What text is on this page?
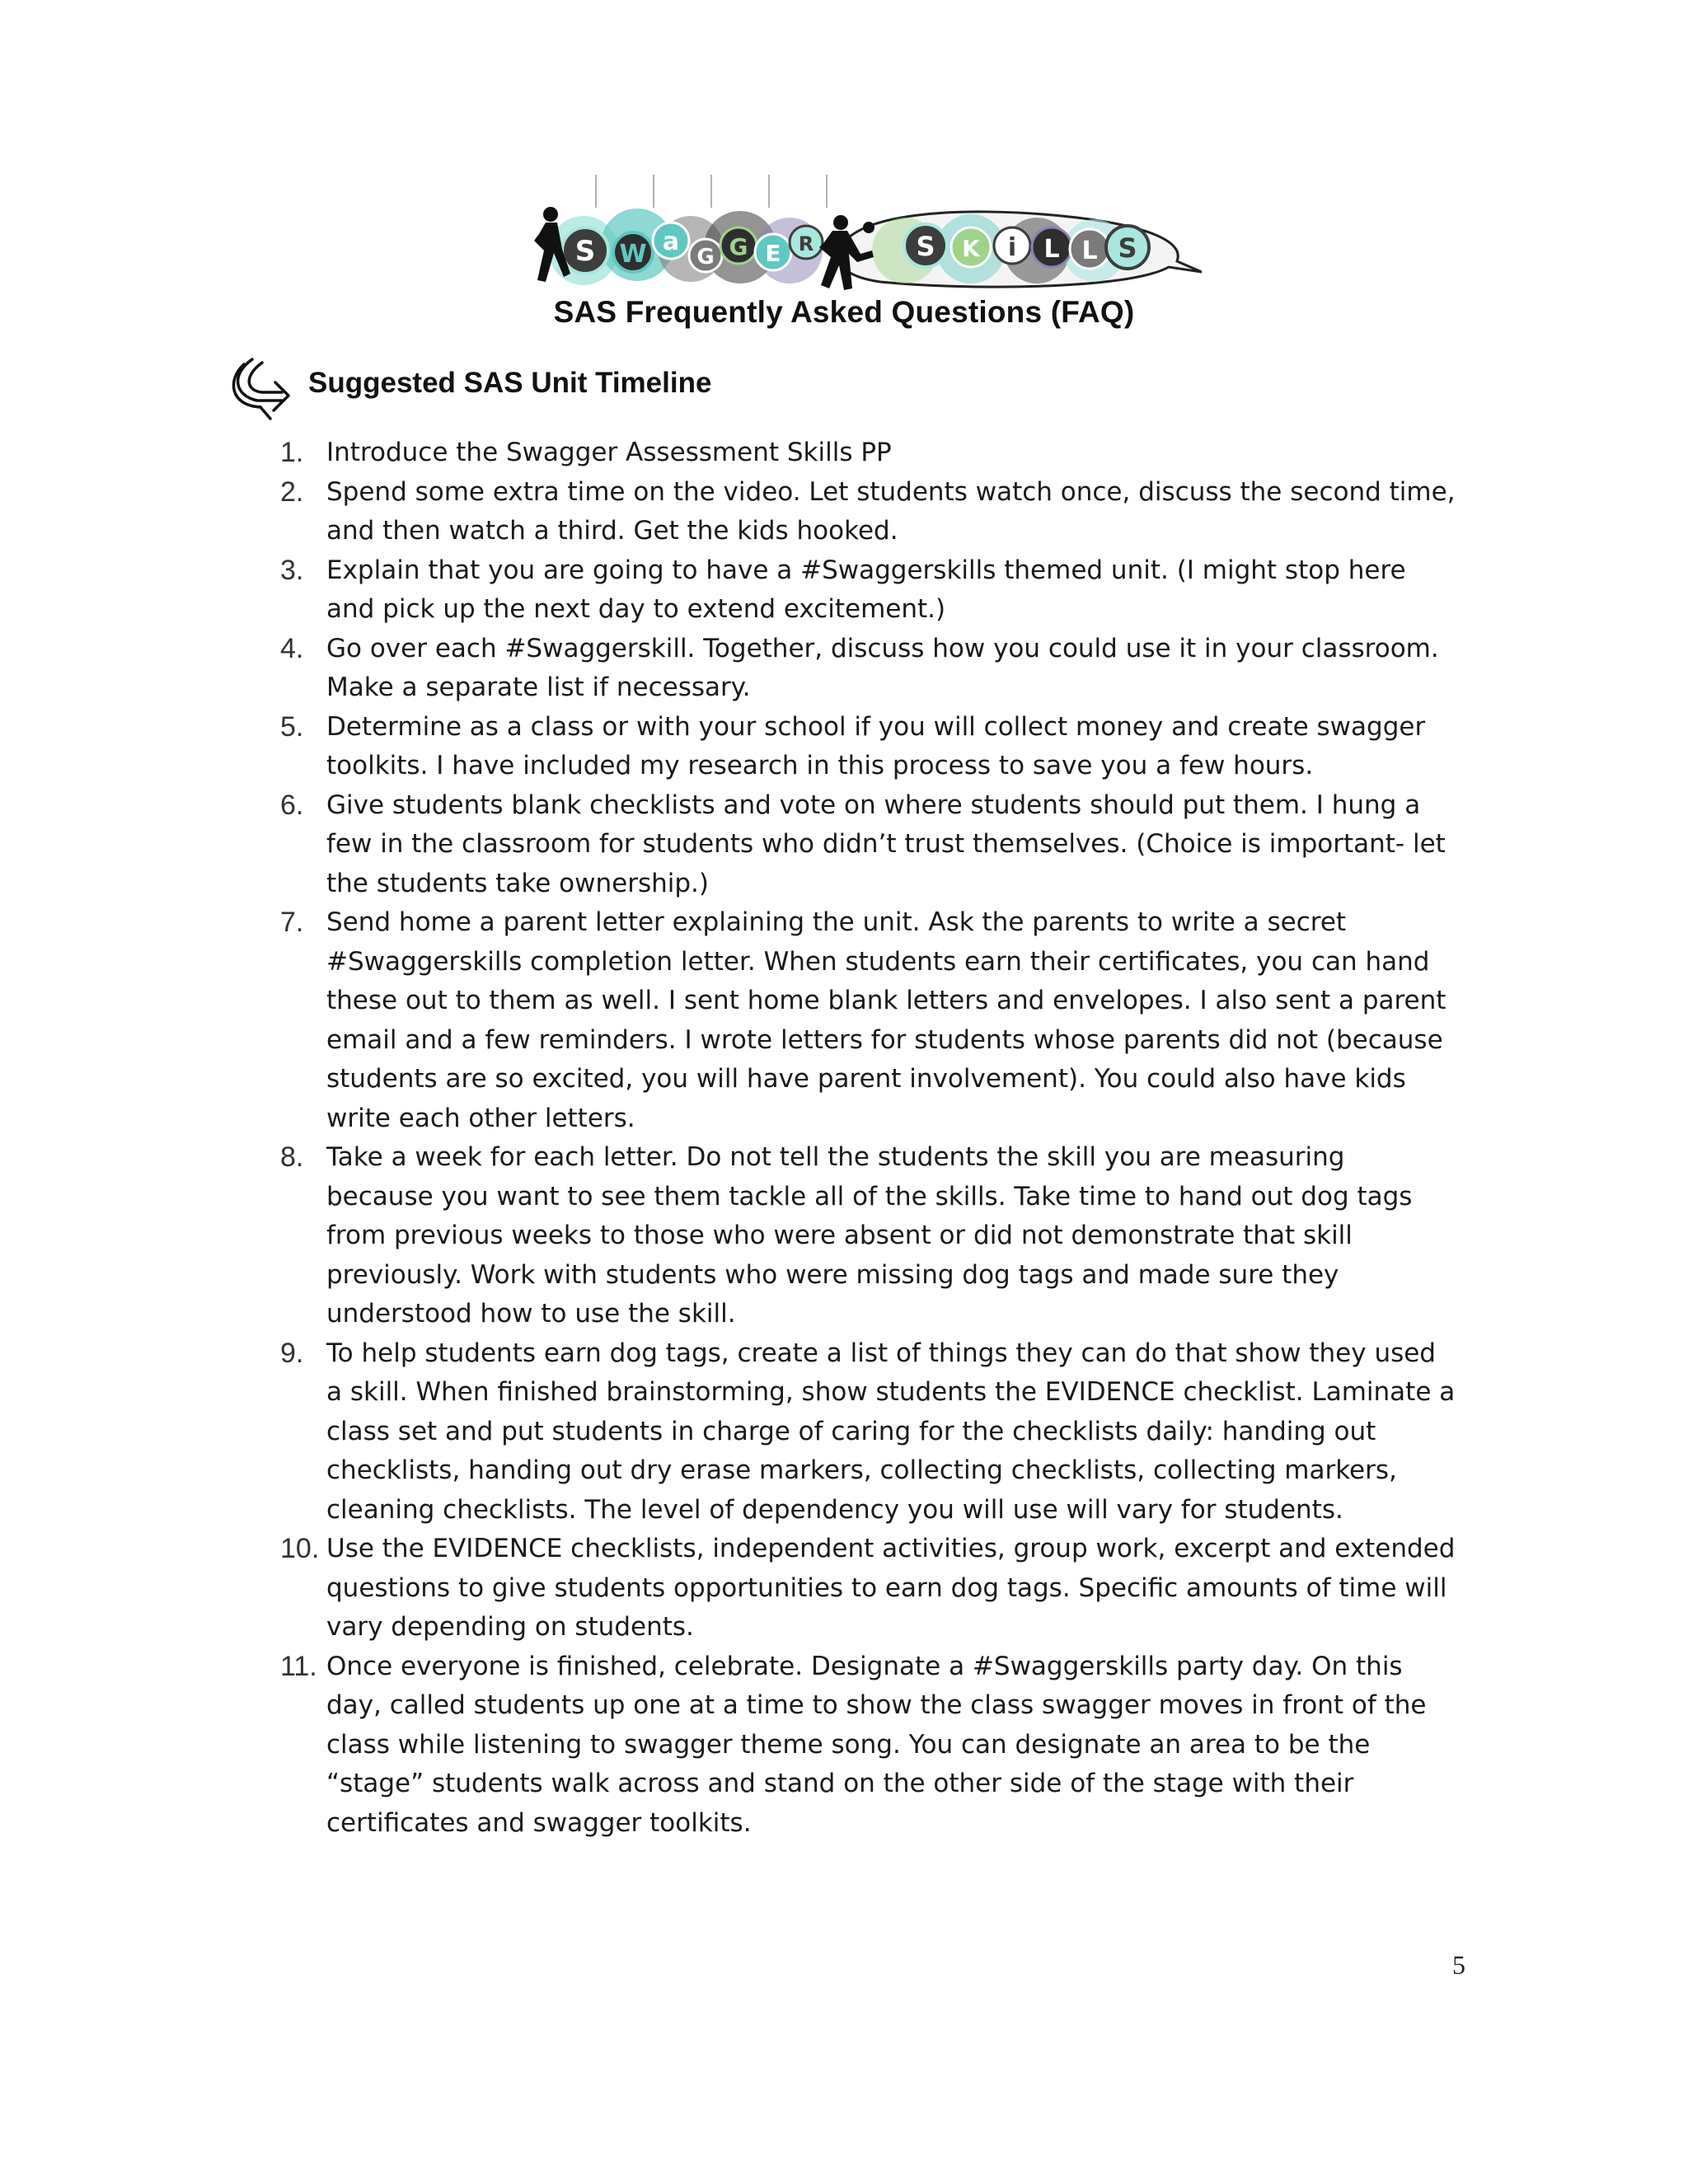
S W a
G G E R	S K i L L S
SAS Frequently Asked Questions (FAQ)
Suggested SAS Unit Timeline
1. Introduce the Swagger Assessment Skills PP
2. Spend some extra time on the video. Let students watch once, discuss the second time, and then watch a third. Get the kids hooked.
3. Explain that you are going to have a #Swaggerskills themed unit. (I might stop here and pick up the next day to extend excitement.)
4. Go over each #Swaggerskill. Together, discuss how you could use it in your classroom. Make a separate list if necessary.
5. Determine as a class or with your school if you will collect money and create swagger toolkits. I have included my research in this process to save you a few hours.
6. Give students blank checklists and vote on where students should put them. I hung a few in the classroom for students who didn’t trust themselves. (Choice is important- let the students take ownership.)
7. Send home a parent letter explaining the unit. Ask the parents to write a secret #Swaggerskills completion letter. When students earn their certificates, you can hand these out to them as well. I sent home blank letters and envelopes. I also sent a parent email and a few reminders. I wrote letters for students whose parents did not (because students are so excited, you will have parent involvement). You could also have kids write each other letters.
8. Take a week for each letter. Do not tell the students the skill you are measuring because you want to see them tackle all of the skills. Take time to hand out dog tags from previous weeks to those who were absent or did not demonstrate that skill previously. Work with students who were missing dog tags and made sure they understood how to use the skill.
9. To help students earn dog tags, create a list of things they can do that show they used a skill. When finished brainstorming, show students the EVIDENCE checklist. Laminate a class set and put students in charge of caring for the checklists daily: handing out checklists, handing out dry erase markers, collecting checklists, collecting markers, cleaning checklists. The level of dependency you will use will vary for students.
10. Use the EVIDENCE checklists, independent activities, group work, excerpt and extended questions to give students opportunities to earn dog tags. Specific amounts of time will vary depending on students.
11. Once everyone is finished, celebrate. Designate a #Swaggerskills party day. On this day, called students up one at a time to show the class swagger moves in front of the class while listening to swagger theme song. You can designate an area to be the “stage” students walk across and stand on the other side of the stage with their certificates and swagger toolkits.
5
